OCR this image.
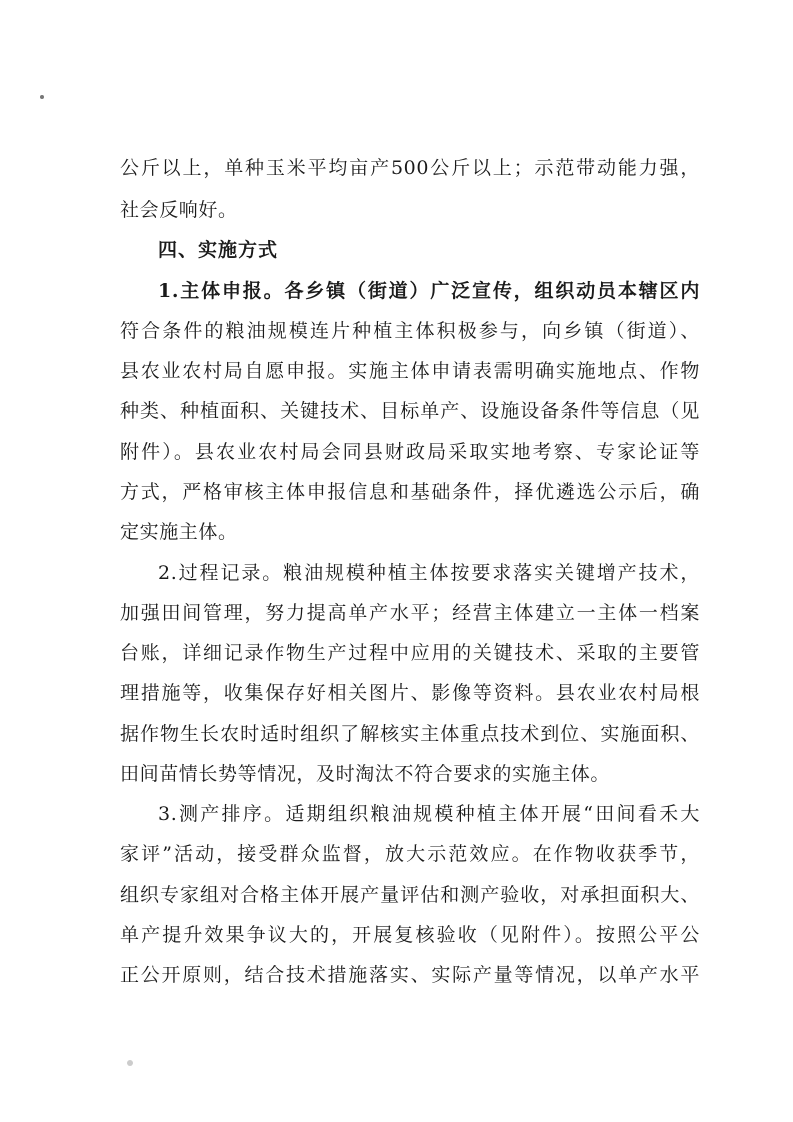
公斤以上，单种玉米平均亩产500公斤以上；示范带动能力强，
社会反响好。
四、实施方式
1.主体申报。各乡镇（街道）广泛宣传，组织动员本辖区内
符合条件的粮油规模连片种植主体积极参与，向乡镇（街道）、
县农业农村局自愿申报。实施主体申请表需明确实施地点、作物
种类、种植面积、关键技术、目标单产、设施设备条件等信息（见
附件）。县农业农村局会同县财政局采取实地考察、专家论证等
方式，严格审核主体申报信息和基础条件，择优遴选公示后，确
定实施主体。
2.过程记录。粮油规模种植主体按要求落实关键增产技术，
加强田间管理，努力提高单产水平；经营主体建立一主体一档案
台账，详细记录作物生产过程中应用的关键技术、采取的主要管
理措施等，收集保存好相关图片、影像等资料。县农业农村局根
据作物生长农时适时组织了解核实主体重点技术到位、实施面积、
田间苗情长势等情况，及时淘汰不符合要求的实施主体。
3.测产排序。适期组织粮油规模种植主体开展“田间看禾大
家评”活动，接受群众监督，放大示范效应。在作物收获季节，
组织专家组对合格主体开展产量评估和测产验收，对承担面积大、
单产提升效果争议大的，开展复核验收（见附件）。按照公平公
正公开原则，结合技术措施落实、实际产量等情况，以单产水平
